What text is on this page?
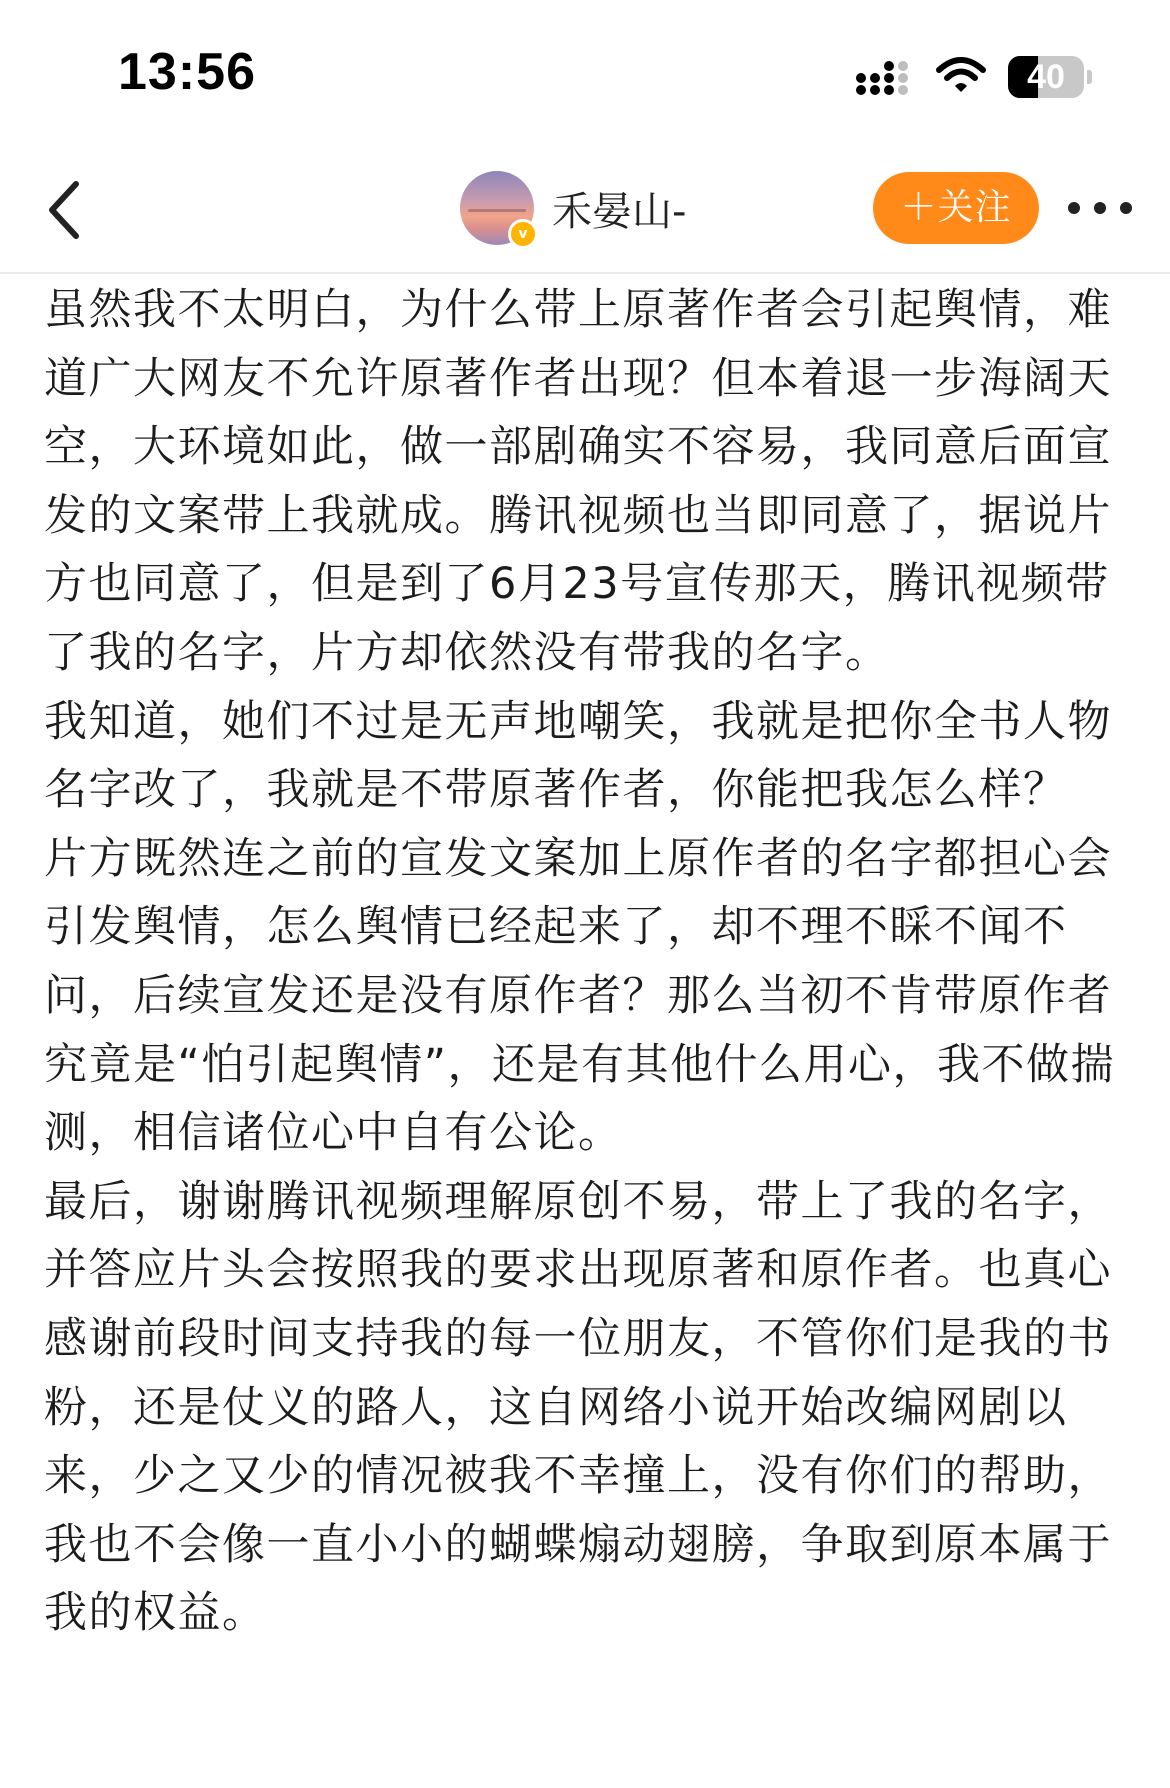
13:56	40
v 禾晏山-	＋关注

虽然我不太明白，为什么带上原著作者会引起舆情，难道广大网友不允许原著作者出现？但本着退一步海阔天空，大环境如此，做一部剧确实不容易，我同意后面宣发的文案带上我就成。腾讯视频也当即同意了，据说片方也同意了，但是到了6月23号宣传那天，腾讯视频带了我的名字，片方却依然没有带我的名字。

我知道，她们不过是无声地嘲笑，我就是把你全书人物名字改了，我就是不带原著作者，你能把我怎么样？

片方既然连之前的宣发文案加上原作者的名字都担心会引发舆情，怎么舆情已经起来了，却不理不睬不闻不问，后续宣发还是没有原作者？那么当初不肯带原作者究竟是“怕引起舆情”，还是有其他什么用心，我不做揣测，相信诸位心中自有公论。

最后，谢谢腾讯视频理解原创不易，带上了我的名字，并答应片头会按照我的要求出现原著和原作者。也真心感谢前段时间支持我的每一位朋友，不管你们是我的书粉，还是仗义的路人，这自网络小说开始改编网剧以来，少之又少的情况被我不幸撞上，没有你们的帮助，我也不会像一直小小的蝴蝶煽动翅膀，争取到原本属于我的权益。
